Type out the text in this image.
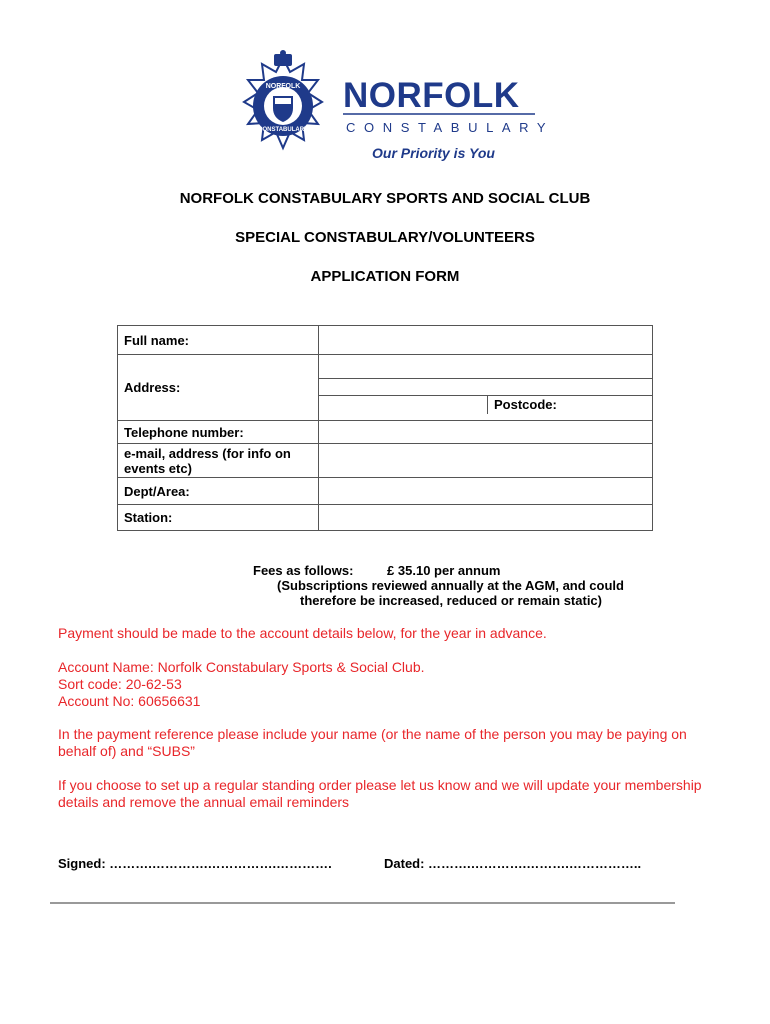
NORFOLK
CONSTABULARY
NORFOLK
CONSTABULARY
Our Priority is You
NORFOLK CONSTABULARY SPORTS AND SOCIAL CLUB
SPECIAL CONSTABULARY/VOLUNTEERS
APPLICATION FORM
Full name:	
Address:	Postcode:

Telephone number:	
e-mail, address (for info on events etc)	
Dept/Area:	
Station:	
Fees as follows:	£ 35.10 per annum
(Subscriptions reviewed annually at the AGM, and could
therefore be increased, reduced or remain static)
Payment should be made to the account details below, for the year in advance.
Account Name: Norfolk Constabulary Sports & Social Club.
Sort code: 20-62-53
Account No: 60656631
In the payment reference please include your name (or the name of the person you may be paying on behalf of) and “SUBS”
If you choose to set up a regular standing order please let us know and we will update your membership details and remove the annual email reminders
Signed: ……….………….…………….………….	Dated: ……….………….……….……………..
